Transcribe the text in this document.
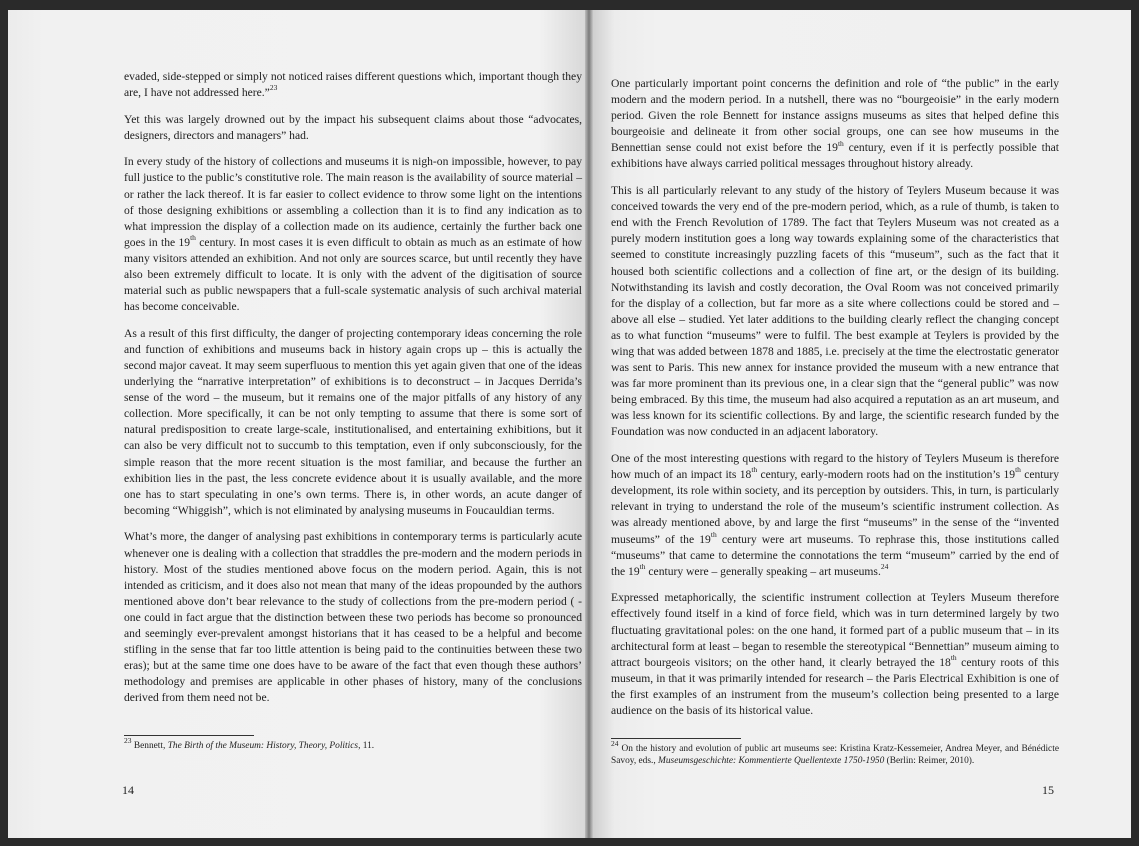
evaded, side-stepped or simply not noticed raises different questions which, important though they are, I have not addressed here.”$^{23}$

Yet this was largely drowned out by the impact his subsequent claims about those “advocates, designers, directors and managers” had.

In every study of the history of collections and museums it is nigh-on impossible, however, to pay full justice to the public’s constitutive role. The main reason is the availability of source material – or rather the lack thereof. It is far easier to collect evidence to throw some light on the intentions of those designing exhibitions or assembling a collection than it is to find any indication as to what impression the display of a collection made on its audience, certainly the further back one goes in the 19th century. In most cases it is even difficult to obtain as much as an estimate of how many visitors attended an exhibition. And not only are sources scarce, but until recently they have also been extremely difficult to locate. It is only with the advent of the digitisation of source material such as public newspapers that a full-scale systematic analysis of such archival material has become conceivable.

As a result of this first difficulty, the danger of projecting contemporary ideas concerning the role and function of exhibitions and museums back in history again crops up – this is actually the second major caveat. It may seem superfluous to mention this yet again given that one of the ideas underlying the “narrative interpretation” of exhibitions is to deconstruct – in Jacques Derrida’s sense of the word – the museum, but it remains one of the major pitfalls of any history of any collection. More specifically, it can be not only tempting to assume that there is some sort of natural predisposition to create large-scale, institutionalised, and entertaining exhibitions, but it can also be very difficult not to succumb to this temptation, even if only subconsciously, for the simple reason that the more recent situation is the most familiar, and because the further an exhibition lies in the past, the less concrete evidence about it is usually available, and the more one has to start speculating in one’s own terms. There is, in other words, an acute danger of becoming “Whiggish”, which is not eliminated by analysing museums in Foucauldian terms.

What’s more, the danger of analysing past exhibitions in contemporary terms is particularly acute whenever one is dealing with a collection that straddles the pre-modern and the modern periods in history. Most of the studies mentioned above focus on the modern period. Again, this is not intended as criticism, and it does also not mean that many of the ideas propounded by the authors mentioned above don’t bear relevance to the study of collections from the pre-modern period ( - one could in fact argue that the distinction between these two periods has become so pronounced and seemingly ever-prevalent amongst historians that it has ceased to be a helpful and become stifling in the sense that far too little attention is being paid to the continuities between these two eras); but at the same time one does have to be aware of the fact that even though these authors’ methodology and premises are applicable in other phases of history, many of the conclusions derived from them need not be.

$^{23}$ Bennett, The Birth of the Museum: History, Theory, Politics, 11.
14

One particularly important point concerns the definition and role of “the public” in the early modern and the modern period. In a nutshell, there was no “bourgeoisie” in the early modern period. Given the role Bennett for instance assigns museums as sites that helped define this bourgeoisie and delineate it from other social groups, one can see how museums in the Bennettian sense could not exist before the 19th century, even if it is perfectly possible that exhibitions have always carried political messages throughout history already.

This is all particularly relevant to any study of the history of Teylers Museum because it was conceived towards the very end of the pre-modern period, which, as a rule of thumb, is taken to end with the French Revolution of 1789. The fact that Teylers Museum was not created as a purely modern institution goes a long way towards explaining some of the characteristics that seemed to constitute increasingly puzzling facets of this “museum”, such as the fact that it housed both scientific collections and a collection of fine art, or the design of its building. Notwithstanding its lavish and costly decoration, the Oval Room was not conceived primarily for the display of a collection, but far more as a site where collections could be stored and – above all else – studied. Yet later additions to the building clearly reflect the changing concept as to what function “museums” were to fulfil. The best example at Teylers is provided by the wing that was added between 1878 and 1885, i.e. precisely at the time the electrostatic generator was sent to Paris. This new annex for instance provided the museum with a new entrance that was far more prominent than its previous one, in a clear sign that the “general public” was now being embraced. By this time, the museum had also acquired a reputation as an art museum, and was less known for its scientific collections. By and large, the scientific research funded by the Foundation was now conducted in an adjacent laboratory.

One of the most interesting questions with regard to the history of Teylers Museum is therefore how much of an impact its 18th century, early-modern roots had on the institution’s 19th century development, its role within society, and its perception by outsiders. This, in turn, is particularly relevant in trying to understand the role of the museum’s scientific instrument collection. As was already mentioned above, by and large the first “museums” in the sense of the “invented museums” of the 19th century were art museums. To rephrase this, those institutions called “museums” that came to determine the connotations the term “museum” carried by the end of the 19th century were – generally speaking – art museums.$^{24}$

Expressed metaphorically, the scientific instrument collection at Teylers Museum therefore effectively found itself in a kind of force field, which was in turn determined largely by two fluctuating gravitational poles: on the one hand, it formed part of a public museum that – in its architectural form at least – began to resemble the stereotypical “Bennettian” museum aiming to attract bourgeois visitors; on the other hand, it clearly betrayed the 18th century roots of this museum, in that it was primarily intended for research – the Paris Electrical Exhibition is one of the first examples of an instrument from the museum’s collection being presented to a large audience on the basis of its historical value.

$^{24}$ On the history and evolution of public art museums see: Kristina Kratz-Kessemeier, Andrea Meyer, and Bénédicte Savoy, eds., Museumsgeschichte: Kommentierte Quellentexte 1750-1950 (Berlin: Reimer, 2010).
15
